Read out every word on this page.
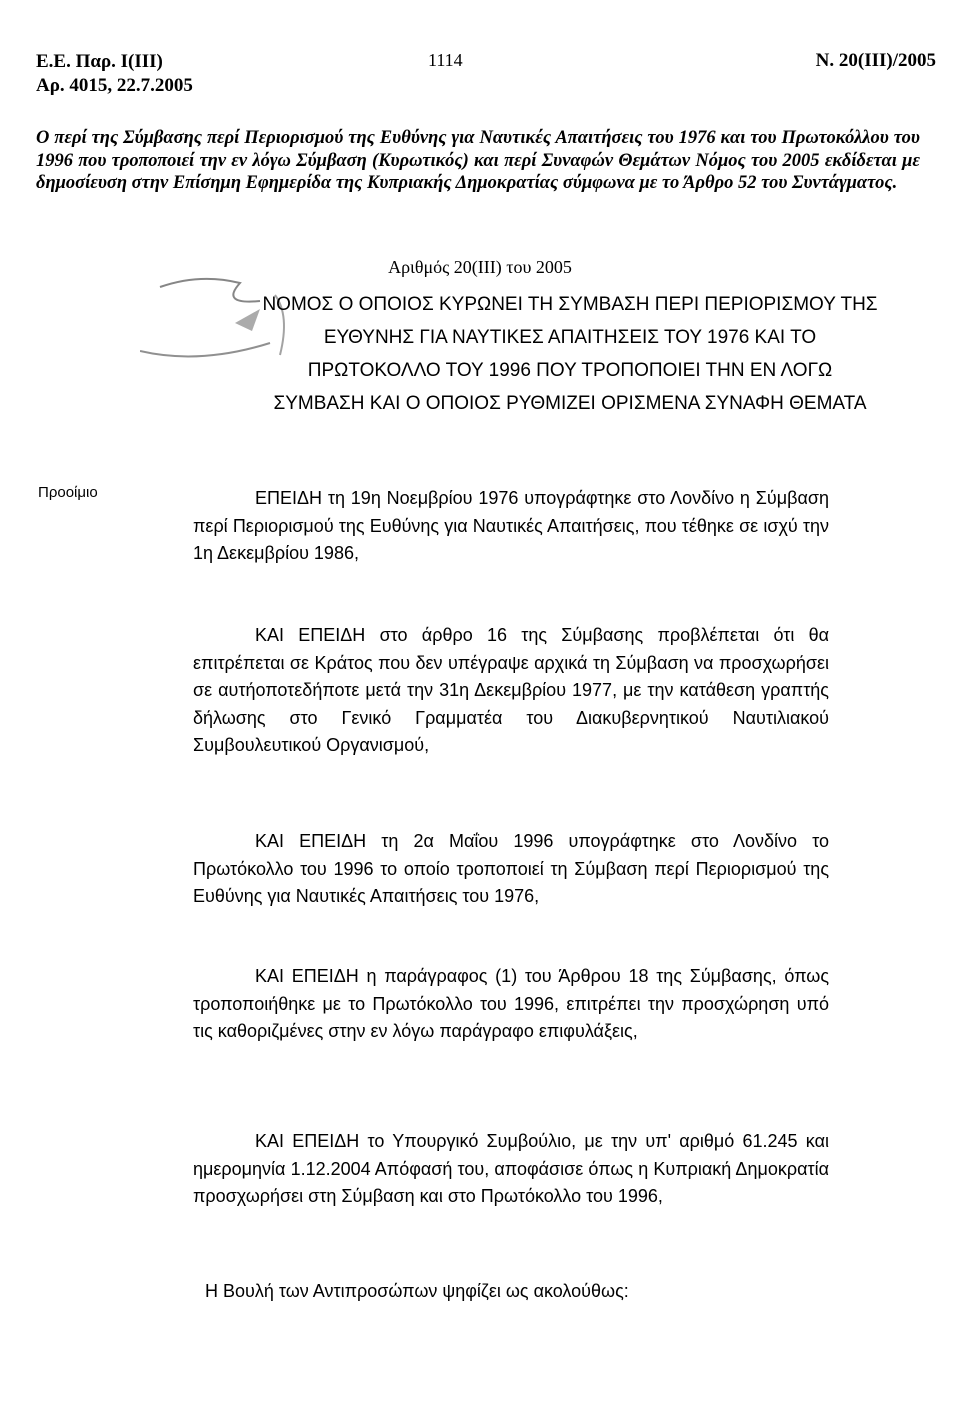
Ε.Ε. Παρ. Ι(ΙΙΙ)
Αρ. 4015, 22.7.2005
1114	Ν. 20(ΙΙΙ)/2005
Ο περί της Σύμβασης περί Περιορισμού της Ευθύνης για Ναυτικές Απαιτήσεις του 1976 και του Πρωτοκόλλου του 1996 που τροποποιεί την εν λόγω Σύμβαση (Κυρωτικός) και περί Συναφών Θεμάτων Νόμος του 2005 εκδίδεται με δημοσίευση στην Επίσημη Εφημερίδα της Κυπριακής Δημοκρατίας σύμφωνα με το Άρθρο 52 του Συντάγματος.
Αριθμός 20(III) του 2005
ΝΟΜΟΣ Ο ΟΠΟΙΟΣ ΚΥΡΩΝΕΙ ΤΗ ΣΥΜΒΑΣΗ ΠΕΡΙ ΠΕΡΙΟΡΙΣΜΟΥ ΤΗΣ ΕΥΘΥΝΗΣ ΓΙΑ ΝΑΥΤΙΚΕΣ ΑΠΑΙΤΗΣΕΙΣ ΤΟΥ 1976 ΚΑΙ ΤΟ ΠΡΩΤΟΚΟΛΛΟ ΤΟΥ 1996 ΠΟΥ ΤΡΟΠΟΠΟΙΕΙ ΤΗΝ ΕΝ ΛΟΓΩ ΣΥΜΒΑΣΗ ΚΑΙ Ο ΟΠΟΙΟΣ ΡΥΘΜΙΖΕΙ ΟΡΙΣΜΕΝΑ ΣΥΝΑΦΗ ΘΕΜΑΤΑ
Προοίμιο	ΕΠΕΙΔΗ τη 19η Νοεμβρίου 1976 υπογράφτηκε στο Λονδίνο η Σύμβαση περί Περιορισμού της Ευθύνης για Ναυτικές Απαιτήσεις, που τέθηκε σε ισχύ την 1η Δεκεμβρίου 1986,
ΚΑΙ ΕΠΕΙΔΗ στο άρθρο 16 της Σύμβασης προβλέπεται ότι θα επιτρέπεται σε Κράτος που δεν υπέγραψε αρχικά τη Σύμβαση να προσχωρήσει σε αυτήοποτεδήποτε μετά την 31η Δεκεμβρίου 1977, με την κατάθεση γραπτής δήλωσης στο Γενικό Γραμματέα του Διακυβερνητικού Ναυτιλιακού Συμβουλευτικού Οργανισμού,
ΚΑΙ ΕΠΕΙΔΗ τη 2α Μαΐου 1996 υπογράφτηκε στο Λονδίνο το Πρωτόκολλο του 1996 το οποίο τροποποιεί τη Σύμβαση περί Περιορισμού της Ευθύνης για Ναυτικές Απαιτήσεις του 1976,
ΚΑΙ ΕΠΕΙΔΗ η παράγραφος (1) του Άρθρου 18 της Σύμβασης, όπως τροποποιήθηκε με το Πρωτόκολλο του 1996, επιτρέπει την προσχώρηση υπό τις καθοριζμένες στην εν λόγω παράγραφο επιφυλάξεις,
ΚΑΙ ΕΠΕΙΔΗ το Υπουργικό Συμβούλιο, με την υπ' αριθμό 61.245 και ημερομηνία 1.12.2004 Απόφασή του, αποφάσισε όπως η Κυπριακή Δημοκρατία προσχωρήσει στη Σύμβαση και στο Πρωτόκολλο του 1996,
Η Βουλή των Αντιπροσώπων ψηφίζει ως ακολούθως:
